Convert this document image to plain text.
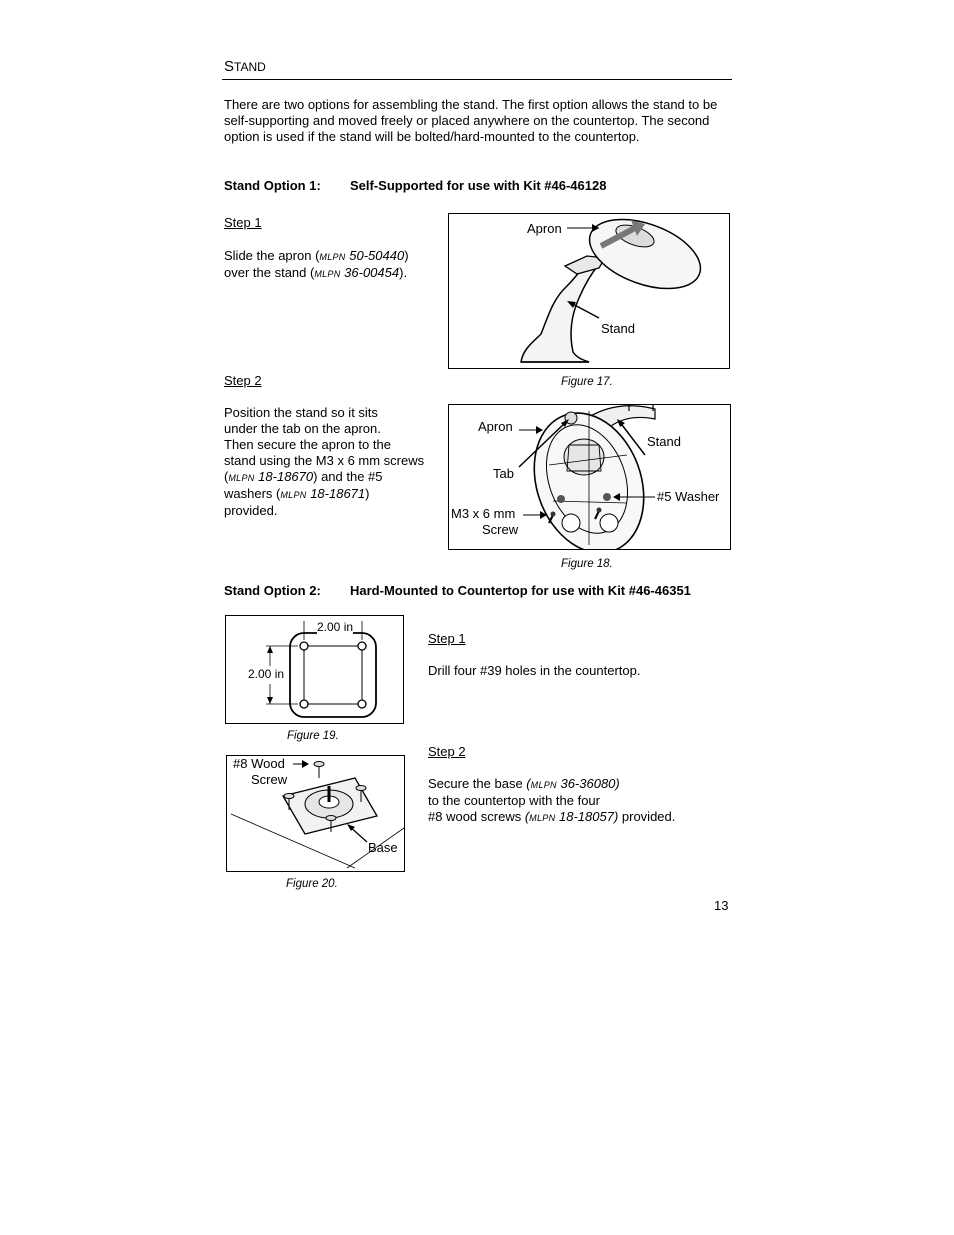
STAND
There are two options for assembling the stand. The first option allows the stand to be self-supporting and moved freely or placed anywhere on the countertop. The second option is used if the stand will be bolted/hard-mounted to the countertop.
Stand Option 1: Self-Supported for use with Kit #46-46128
Step 1
Slide the apron (MLPN 50-50440)
over the stand (MLPN 36-00454).
Apron
Stand
Figure 17.
Step 2
Position the stand so it sits
under the tab on the apron.
Then secure the apron to the
stand using the M3 x 6 mm screws
(MLPN 18-18670) and the #5
washers (MLPN 18-18671)
provided.
Apron
Stand
Tab
#5 Washer
M3 x 6 mm
Screw
Figure 18.
Stand Option 2: Hard-Mounted to Countertop for use with Kit #46-46351
2.00 in
2.00 in
Figure 19.
Step 1
Drill four #39 holes in the countertop.
#8 Wood
Screw
Base
Figure 20.
Step 2
Secure the base (MLPN 36-36080)
to the countertop with the four
#8 wood screws (MLPN 18-18057) provided.
13
